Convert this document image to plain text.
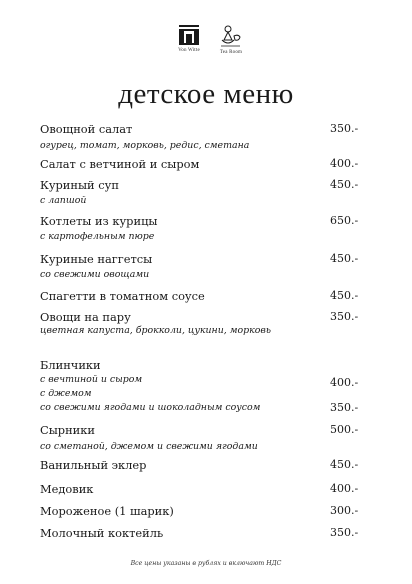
Von Witte	Tea Room
детское меню
Овощной салат	350.-
огурец, томат, морковь, редис, сметана
Салат с ветчиной и сыром	400.-
Куриный суп	450.-
с лапшой
Котлеты из курицы	650.-
с картофельным пюре
Куриные наггетсы	450.-
со свежими овощами
Спагетти в томатном соусе	450.-
Овощи на пару	350.-
цветная капуста, брокколи, цукини, морковь
Блинчики
с вечтиной и сыром	400.-
с джемом
со свежими ягодами и шоколадным соусом	350.-
Сырники	500.-
со сметаной, джемом и свежими ягодами
Ванильный эклер	450.-
Медовик	400.-
Мороженое (1 шарик)	300.-
Молочный коктейль	350.-
Все цены указаны в рублях и включают НДС
